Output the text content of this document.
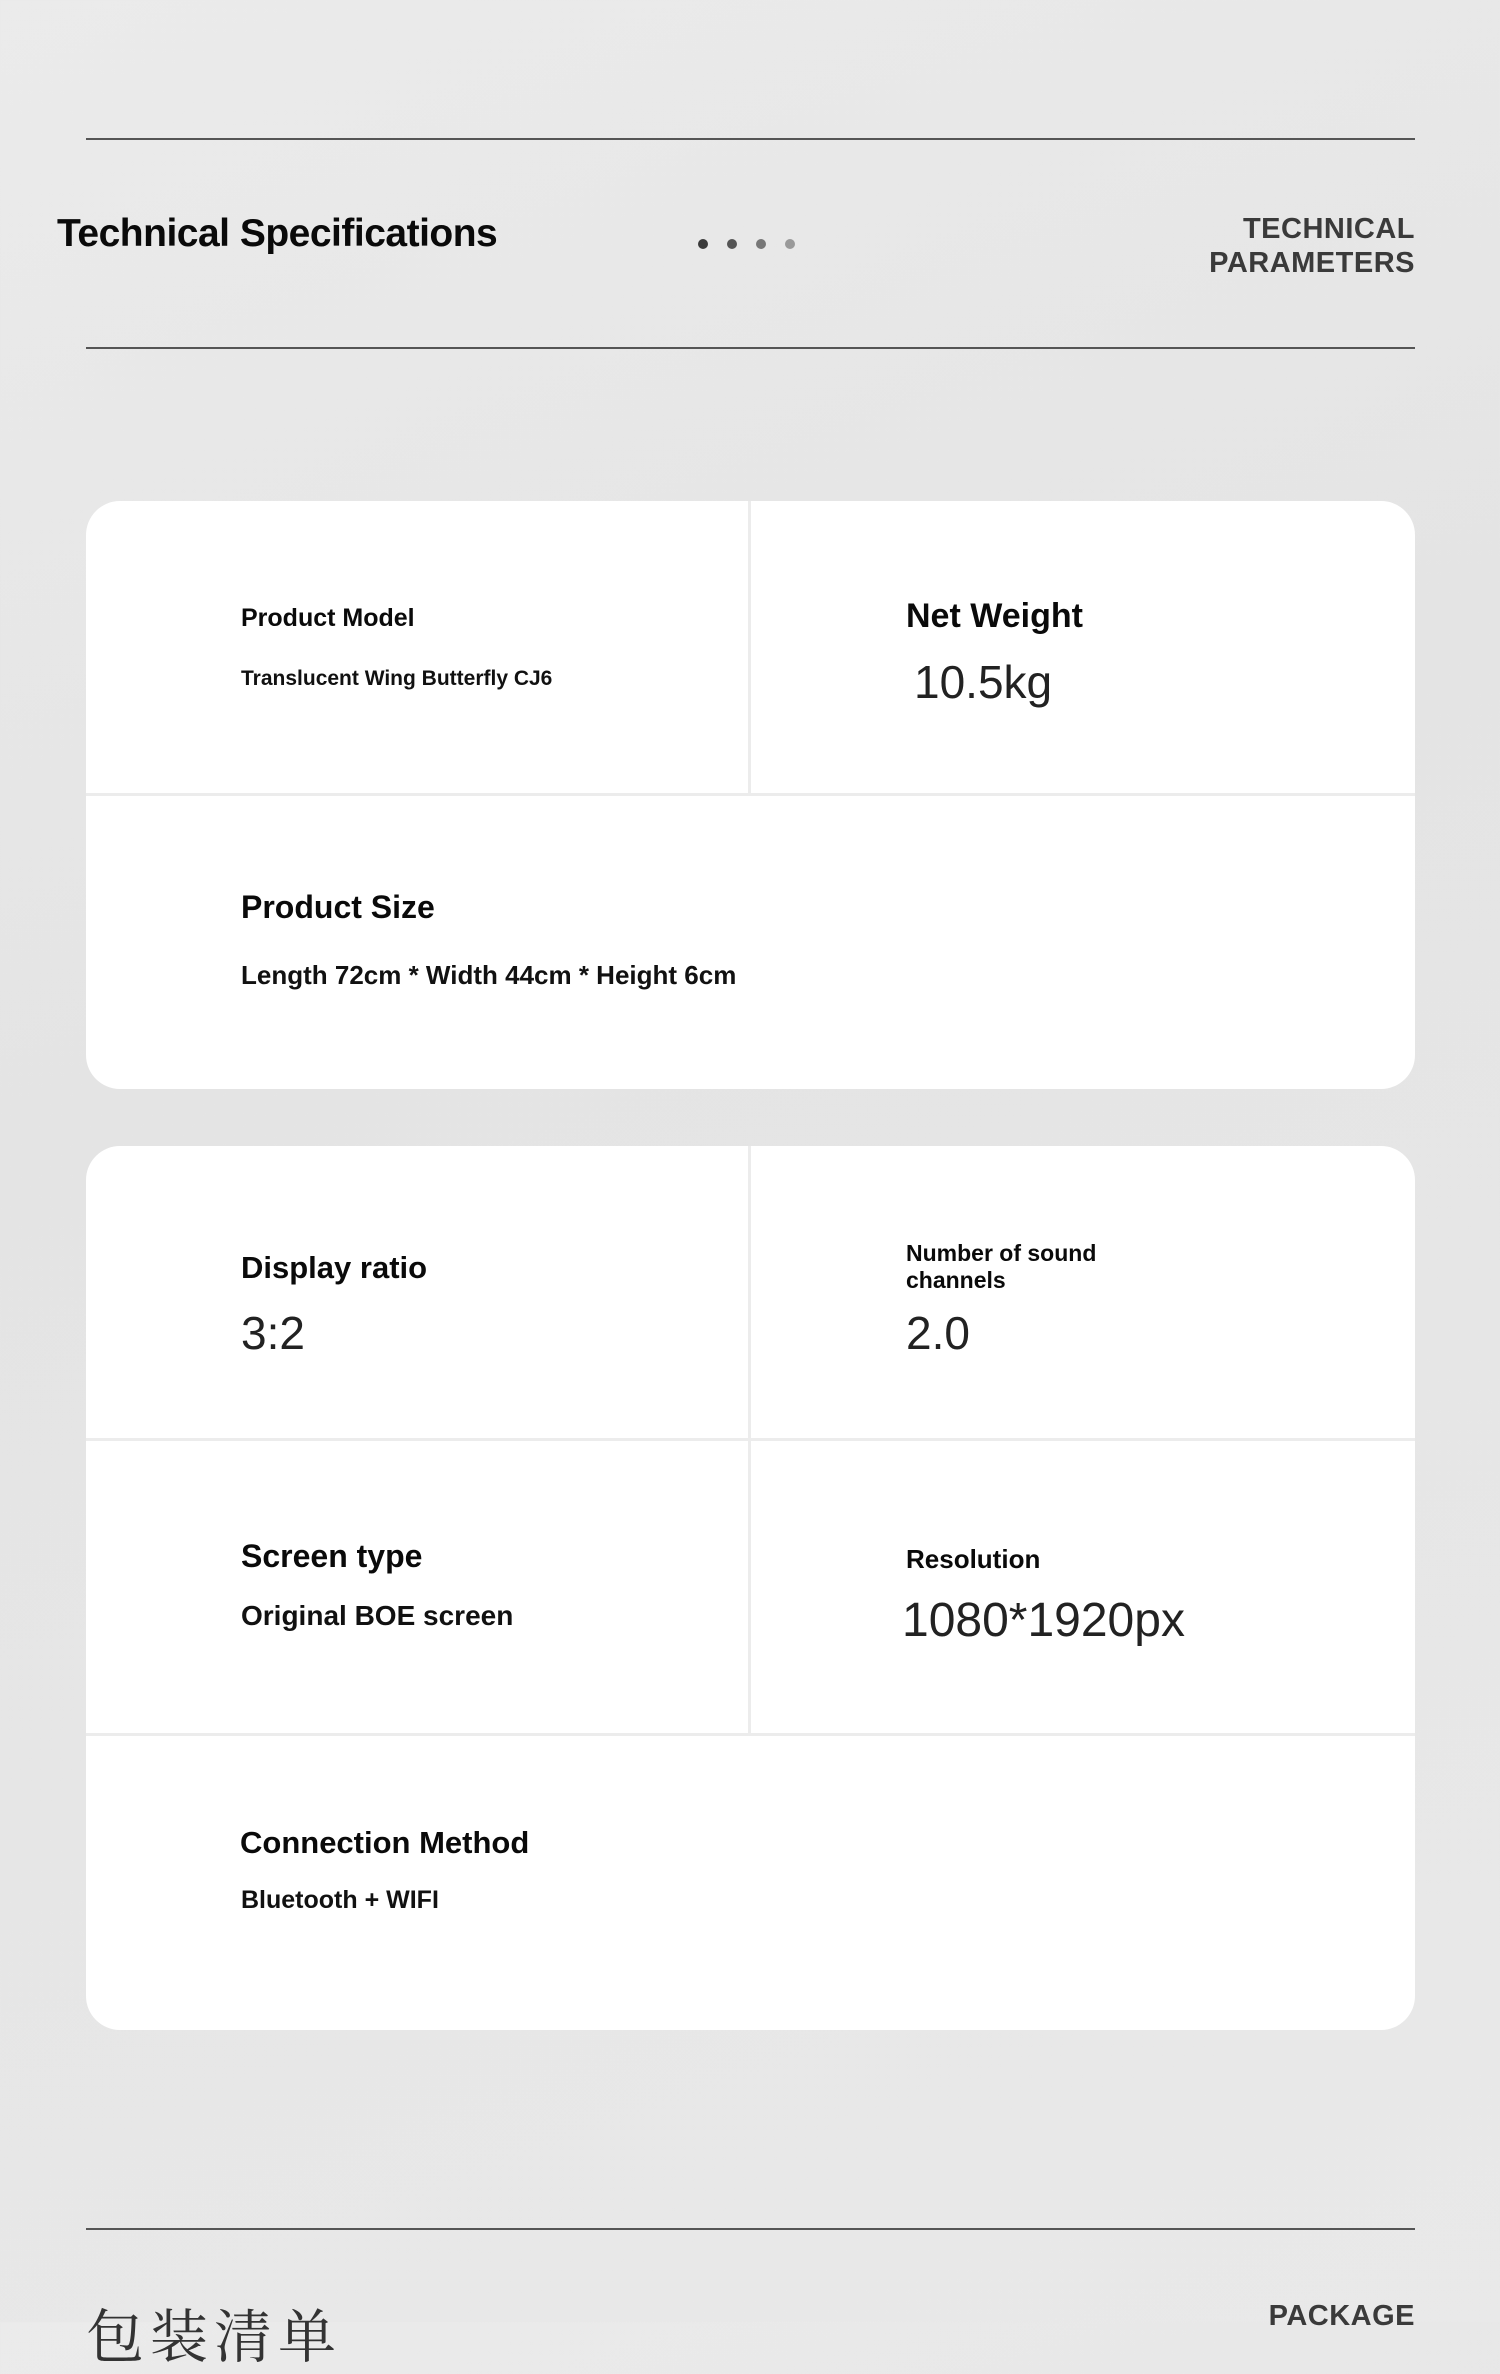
Technical Specifications	TECHNICAL
PARAMETERS
Product Model
Translucent Wing Butterfly CJ6
Net Weight
10.5kg
Product Size
Length 72cm * Width 44cm * Height 6cm
Display ratio
3:2
Number of sound
channels
2.0
Screen type
Original BOE screen
Resolution
1080*1920px
Connection Method
Bluetooth + WIFI
包装清单	PACKAGE
